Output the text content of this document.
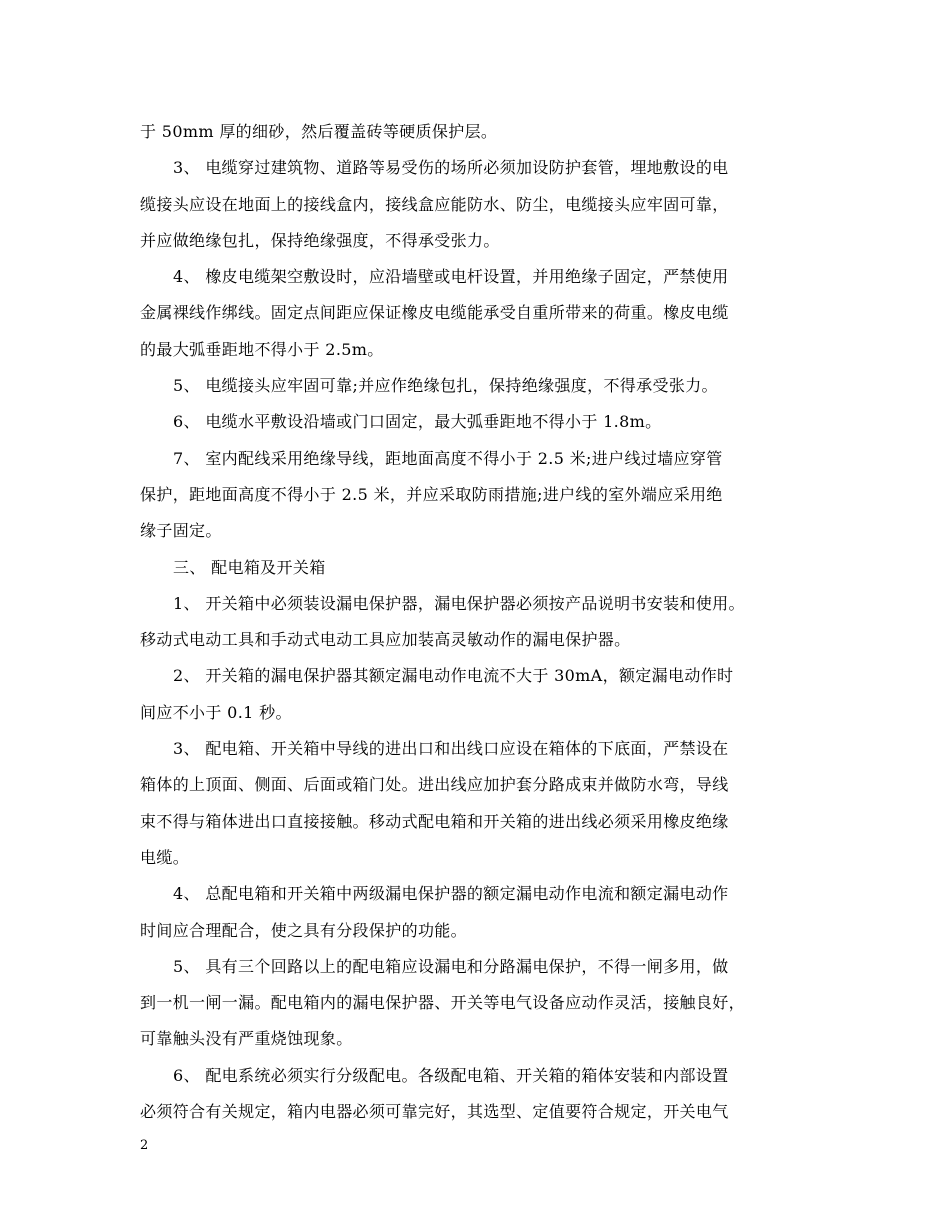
于 50mm 厚的细砂，然后覆盖砖等硬质保护层。
3、 电缆穿过建筑物、道路等易受伤的场所必须加设防护套管，埋地敷设的电
缆接头应设在地面上的接线盒内，接线盒应能防水、防尘，电缆接头应牢固可靠，
并应做绝缘包扎，保持绝缘强度，不得承受张力。
4、 橡皮电缆架空敷设时，应沿墙壁或电杆设置，并用绝缘子固定，严禁使用
金属裸线作绑线。固定点间距应保证橡皮电缆能承受自重所带来的荷重。橡皮电缆
的最大弧垂距地不得小于 2.5m。
5、 电缆接头应牢固可靠;并应作绝缘包扎，保持绝缘强度，不得承受张力。
6、 电缆水平敷设沿墙或门口固定，最大弧垂距地不得小于 1.8m。
7、 室内配线采用绝缘导线，距地面高度不得小于 2.5 米;进户线过墙应穿管
保护，距地面高度不得小于 2.5 米，并应采取防雨措施;进户线的室外端应采用绝
缘子固定。
三、 配电箱及开关箱
1、 开关箱中必须装设漏电保护器，漏电保护器必须按产品说明书安装和使用。
移动式电动工具和手动式电动工具应加装高灵敏动作的漏电保护器。
2、 开关箱的漏电保护器其额定漏电动作电流不大于 30mA，额定漏电动作时
间应不小于 0.1 秒。
3、 配电箱、开关箱中导线的进出口和出线口应设在箱体的下底面，严禁设在
箱体的上顶面、侧面、后面或箱门处。进出线应加护套分路成束并做防水弯，导线
束不得与箱体进出口直接接触。移动式配电箱和开关箱的进出线必须采用橡皮绝缘
电缆。
4、 总配电箱和开关箱中两级漏电保护器的额定漏电动作电流和额定漏电动作
时间应合理配合，使之具有分段保护的功能。
5、 具有三个回路以上的配电箱应设漏电和分路漏电保护，不得一闸多用，做
到一机一闸一漏。配电箱内的漏电保护器、开关等电气设备应动作灵活，接触良好，
可靠触头没有严重烧蚀现象。
6、 配电系统必须实行分级配电。各级配电箱、开关箱的箱体安装和内部设置
必须符合有关规定，箱内电器必须可靠完好，其选型、定值要符合规定，开关电气
2
